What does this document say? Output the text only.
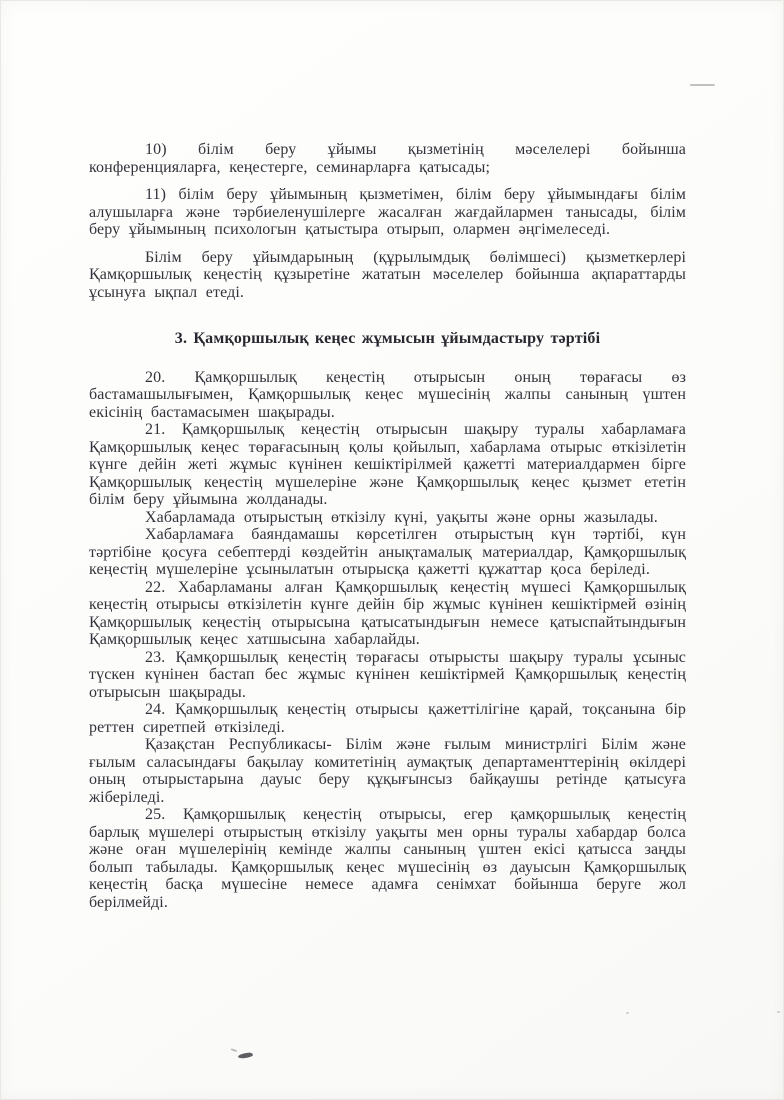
10) білім беру ұйымы қызметінің мәселелері бойынша конференцияларға, кеңестерге, семинарларға қатысады;

11) білім беру ұйымының қызметімен, білім беру ұйымындағы білім алушыларға және тәрбиеленушілерге жасалған жағдайлармен танысады, білім беру ұйымының психологын қатыстыра отырып, олармен әңгімелеседі.

Білім беру ұйымдарының (құрылымдық бөлімшесі) қызметкерлері Қамқоршылық кеңестің құзыретіне жататын мәселелер бойынша ақпараттарды ұсынуға ықпал етеді.

3. Қамқоршылық кеңес жұмысын ұйымдастыру тәртібі

20. Қамқоршылық кеңестің отырысын оның төрағасы өз бастамашылығымен, Қамқоршылық кеңес мүшесінің жалпы санының үштен екісінің бастамасымен шақырады.

21. Қамқоршылық кеңестің отырысын шақыру туралы хабарламаға Қамқоршылық кеңес төрағасының қолы қойылып, хабарлама отырыс өткізілетін күнге дейін жеті жұмыс күнінен кешіктірілмей қажетті материалдармен бірге Қамқоршылық кеңестің мүшелеріне және Қамқоршылық кеңес қызмет ететін білім беру ұйымына жолданады.

Хабарламада отырыстың өткізілу күні, уақыты және орны жазылады.

Хабарламаға баяндамашы көрсетілген отырыстың күн тәртібі, күн тәртібіне қосуға себептерді көздейтін анықтамалық материалдар, Қамқоршылық кеңестің мүшелеріне ұсынылатын отырысқа қажетті құжаттар қоса беріледі.

22. Хабарламаны алған Қамқоршылық кеңестің мүшесі Қамқоршылық кеңестің отырысы өткізілетін күнге дейін бір жұмыс күнінен кешіктірмей өзінің Қамқоршылық кеңестің отырысына қатысатындығын немесе қатыспайтындығын Қамқоршылық кеңес хатшысына хабарлайды.

23. Қамқоршылық кеңестің төрағасы отырысты шақыру туралы ұсыныс түскен күнінен бастап бес жұмыс күнінен кешіктірмей Қамқоршылық кеңестің отырысын шақырады.

24. Қамқоршылық кеңестің отырысы қажеттілігіне қарай, тоқсанына бір реттен сиретпей өткізіледі.

Қазақстан Республикасы- Білім және ғылым министрлігі Білім және ғылым саласындағы бақылау комитетінің аумақтық департаменттерінің өкілдері оның отырыстарына дауыс беру құқығынсыз байқаушы ретінде қатысуға жіберіледі.

25. Қамқоршылық кеңестің отырысы, егер қамқоршылық кеңестің барлық мүшелері отырыстың өткізілу уақыты мен орны туралы хабардар болса және оған мүшелерінің кемінде жалпы санының үштен екісі қатысса заңды болып табылады. Қамқоршылық кеңес мүшесінің өз дауысын Қамқоршылық кеңестің басқа мүшесіне немесе адамға сенімхат бойынша беруге жол берілмейді.
